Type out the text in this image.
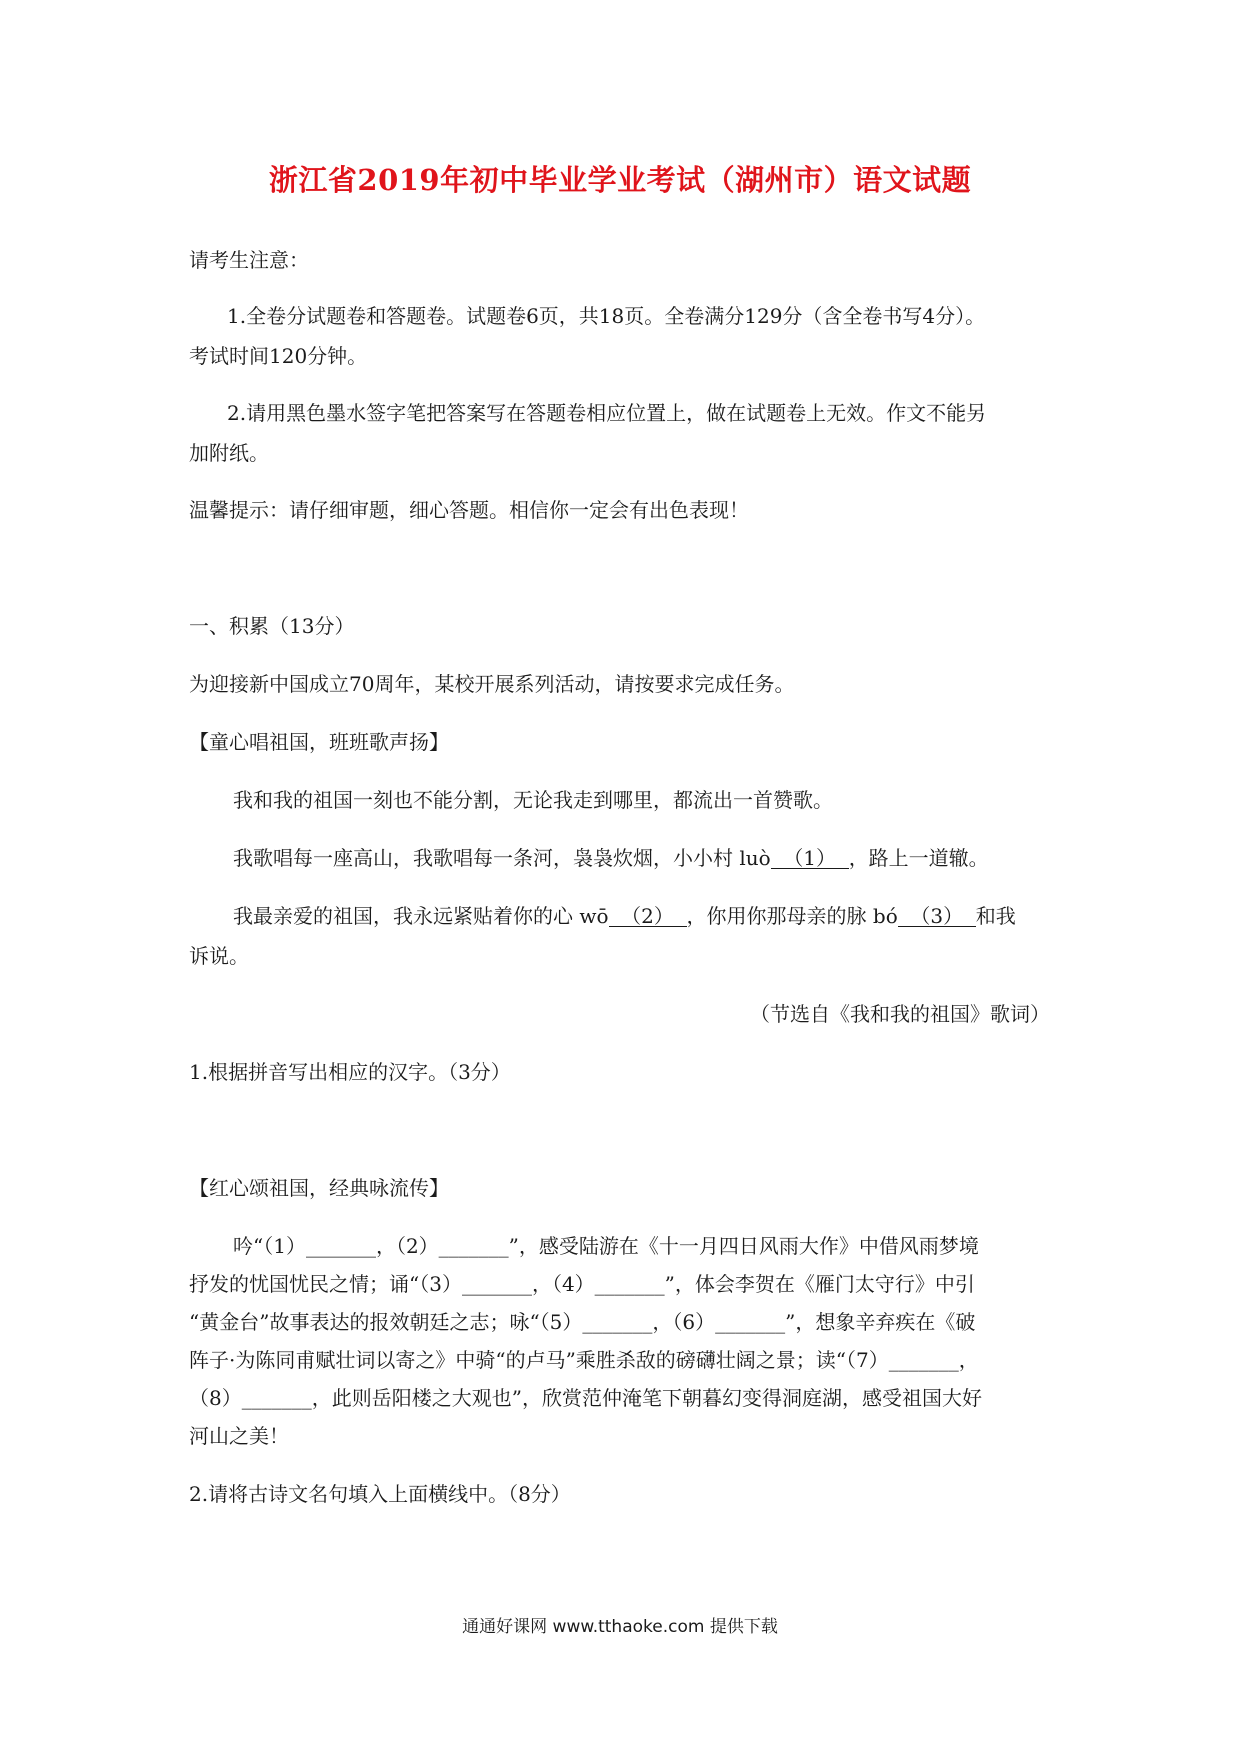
浙江省2019年初中毕业学业考试（湖州市）语文试题
请考生注意：
1.全卷分试题卷和答题卷。试题卷6页，共18页。全卷满分129分（含全卷书写4分）。
考试时间120分钟。
2.请用黑色墨水签字笔把答案写在答题卷相应位置上，做在试题卷上无效。作文不能另
加附纸。
温馨提示：请仔细审题，细心答题。相信你一定会有出色表现！
一、积累（13分）
为迎接新中国成立70周年，某校开展系列活动，请按要求完成任务。
【童心唱祖国，班班歌声扬】
我和我的祖国一刻也不能分割，无论我走到哪里，都流出一首赞歌。
我歌唱每一座高山，我歌唱每一条河，袅袅炊烟，小小村 luò （1） ，路上一道辙。
我最亲爱的祖国，我永远紧贴着你的心 wō （2） ，你用你那母亲的脉 bó （3） 和我
诉说。
（节选自《我和我的祖国》歌词）
1.根据拼音写出相应的汉字。（3分）
【红心颂祖国，经典咏流传】
吟“（1）_______，（2）_______”，感受陆游在《十一月四日风雨大作》中借风雨梦境
抒发的忧国忧民之情；诵“（3）_______，（4）_______”，体会李贺在《雁门太守行》中引
“黄金台”故事表达的报效朝廷之志；咏“（5）_______，（6）_______”，想象辛弃疾在《破
阵子·为陈同甫赋壮词以寄之》中骑“的卢马”乘胜杀敌的磅礴壮阔之景；读“（7）_______，
（8）_______，此则岳阳楼之大观也”，欣赏范仲淹笔下朝暮幻变得洞庭湖，感受祖国大好
河山之美！
2.请将古诗文名句填入上面横线中。（8分）
通通好课网 www.tthaoke.com 提供下载
